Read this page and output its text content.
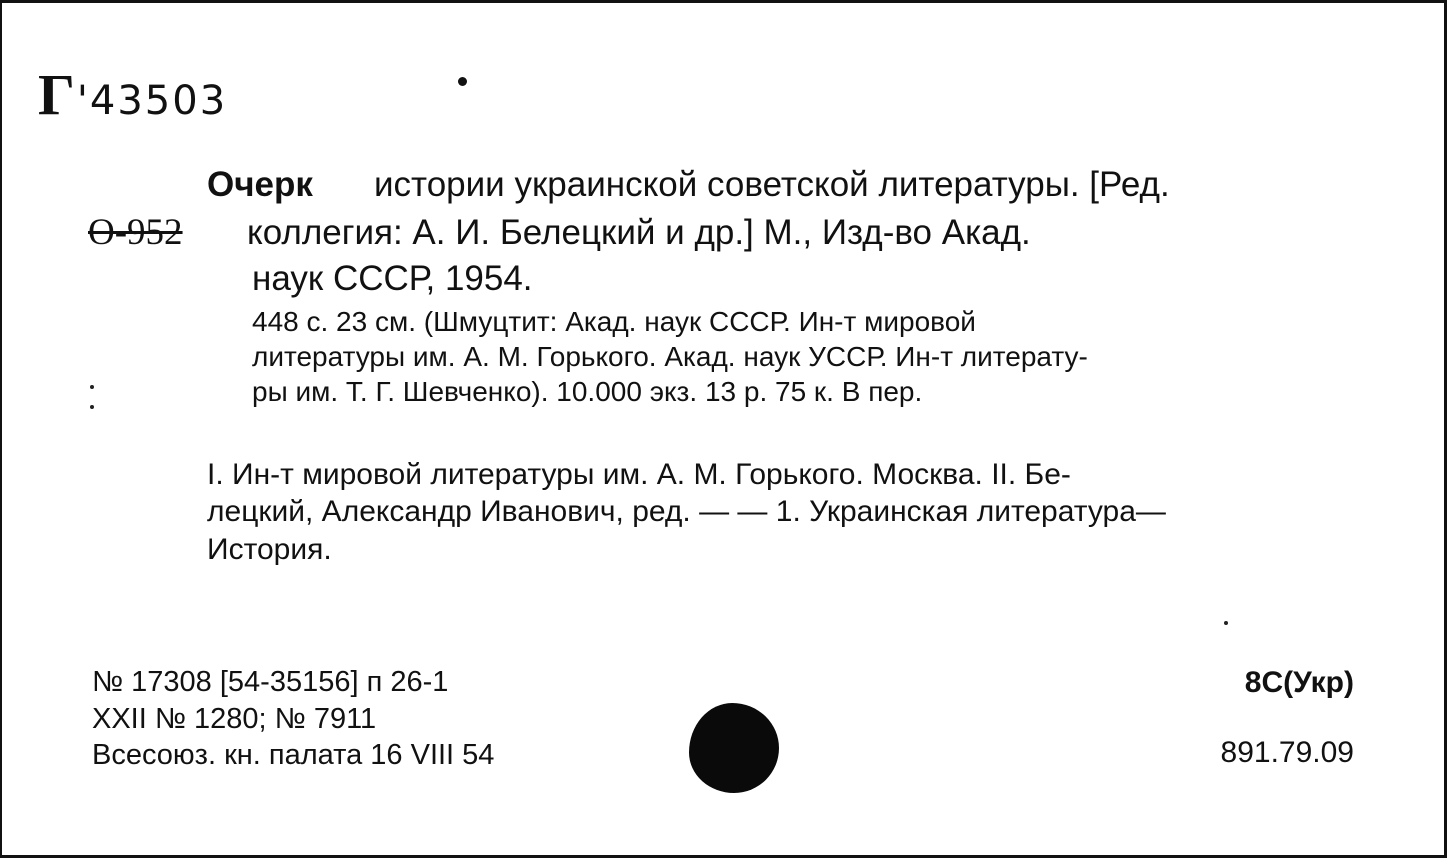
Г'43503
Очерк истории украинской советской литературы. [Ред.
О-952 коллегия: А. И. Белецкий и др.] М., Изд-во Акад.
наук СССР, 1954.
448 с. 23 см. (Шмуцтит: Акад. наук СССР. Ин-т мировой
литературы им. А. М. Горького. Акад. наук УССР. Ин-т литерату-
ры им. Т. Г. Шевченко). 10.000 экз. 13 р. 75 к. В пер.
I. Ин-т мировой литературы им. А. М. Горького. Москва. II. Бе-
лецкий, Александр Иванович, ред. — — 1. Украинская литература—
История.
№ 17308 [54-35156] п 26-1
XXII № 1280; № 7911
Всесоюз. кн. палата 16 VIII 54
8С(Укр)
891.79.09
